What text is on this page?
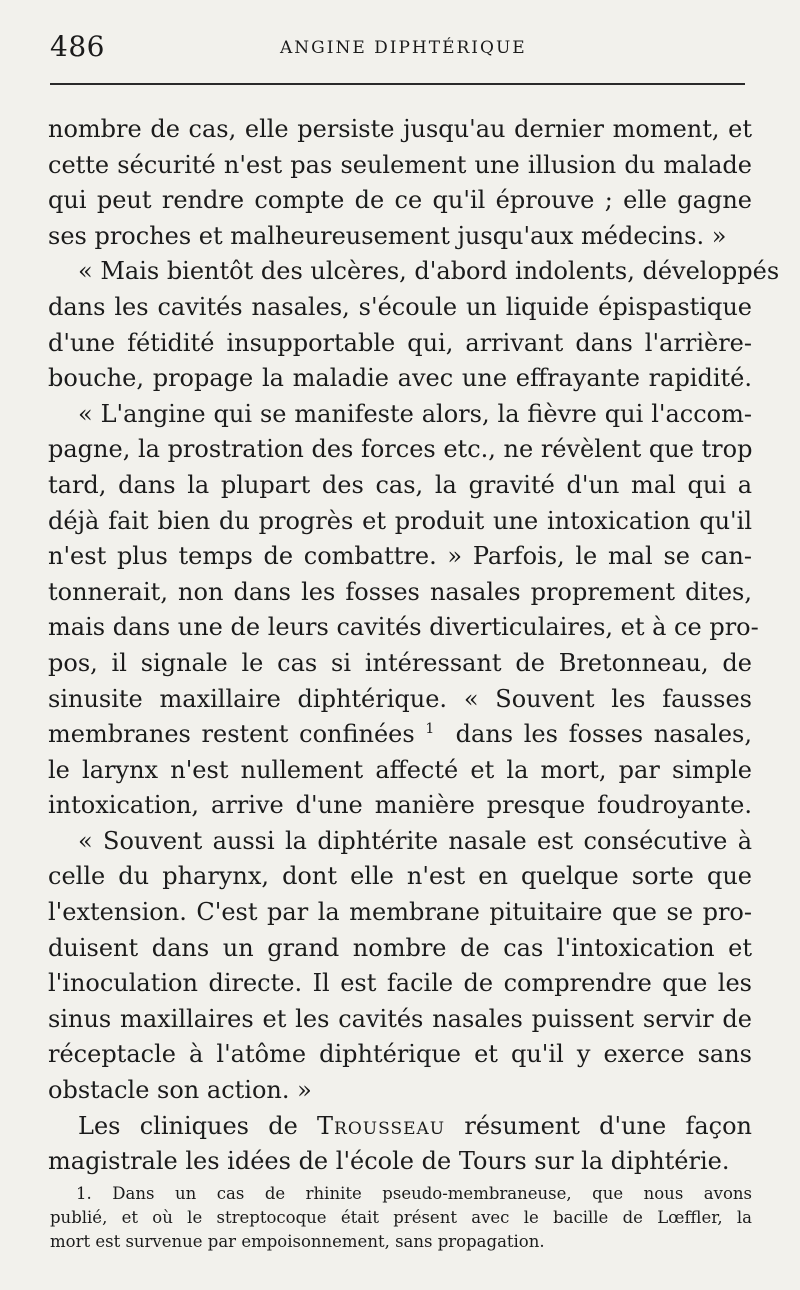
486	ANGINE DIPHTÉRIQUE
nombre de cas, elle persiste jusqu'au dernier moment, et
cette sécurité n'est pas seulement une illusion du malade
qui peut rendre compte de ce qu'il éprouve ; elle gagne
ses proches et malheureusement jusqu'aux médecins. »
« Mais bientôt des ulcères, d'abord indolents, développés
dans les cavités nasales, s'écoule un liquide épispastique
d'une fétidité insupportable qui, arrivant dans l'arrière-
bouche, propage la maladie avec une effrayante rapidité.
« L'angine qui se manifeste alors, la fièvre qui l'accom-
pagne, la prostration des forces etc., ne révèlent que trop
tard, dans la plupart des cas, la gravité d'un mal qui a
déjà fait bien du progrès et produit une intoxication qu'il
n'est plus temps de combattre. » Parfois, le mal se can-
tonnerait, non dans les fosses nasales proprement dites,
mais dans une de leurs cavités diverticulaires, et à ce pro-
pos, il signale le cas si intéressant de Bretonneau, de
sinusite maxillaire diphtérique. « Souvent les fausses
membranes restent confinées $^1$ dans les fosses nasales,
le larynx n'est nullement affecté et la mort, par simple
intoxication, arrive d'une manière presque foudroyante.
« Souvent aussi la diphtérite nasale est consécutive à
celle du pharynx, dont elle n'est en quelque sorte que
l'extension. C'est par la membrane pituitaire que se pro-
duisent dans un grand nombre de cas l'intoxication et
l'inoculation directe. Il est facile de comprendre que les
sinus maxillaires et les cavités nasales puissent servir de
réceptacle à l'atôme diphtérique et qu'il y exerce sans
obstacle son action. »
Les cliniques de Trousseau résument d'une façon
magistrale les idées de l'école de Tours sur la diphtérie.
1. Dans un cas de rhinite pseudo-membraneuse, que nous avons
publié, et où le streptocoque était présent avec le bacille de Lœffler, la
mort est survenue par empoisonnement, sans propagation.
